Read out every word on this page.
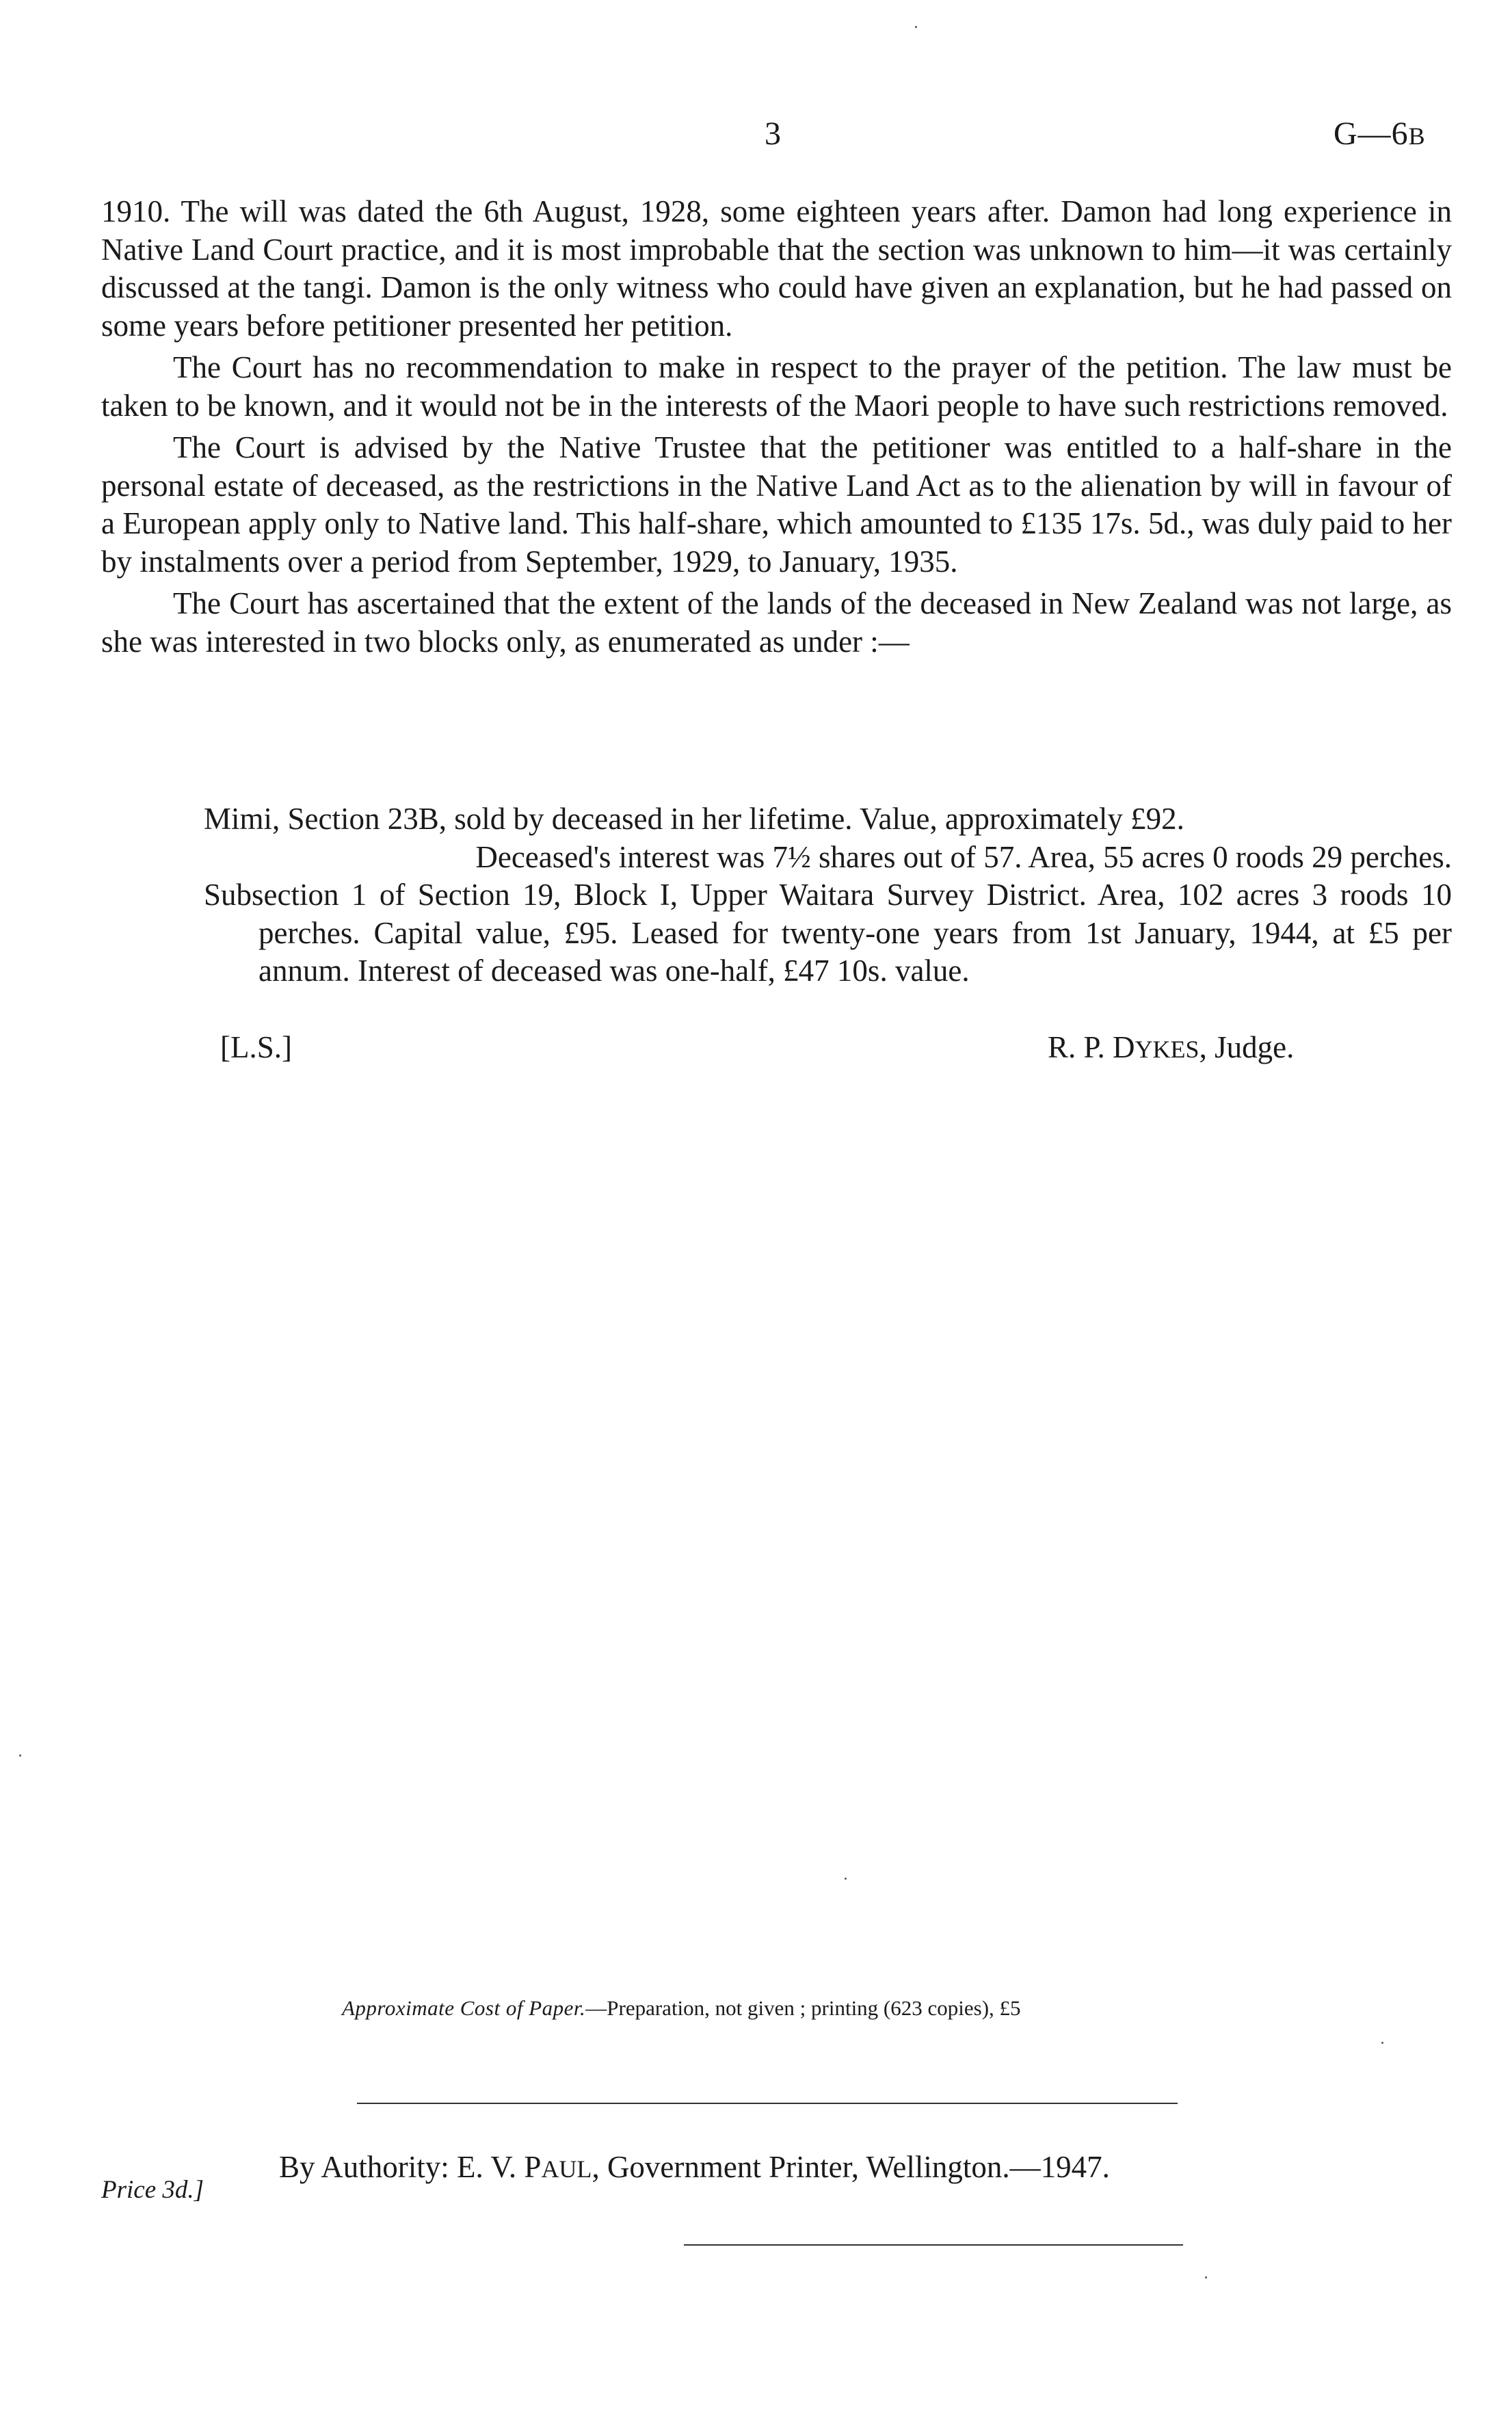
3	G—6B

1910. The will was dated the 6th August, 1928, some eighteen years after. Damon had long experience in Native Land Court practice, and it is most improbable that the section was unknown to him—it was certainly discussed at the tangi. Damon is the only witness who could have given an explanation, but he had passed on some years before petitioner presented her petition.

The Court has no recommendation to make in respect to the prayer of the petition. The law must be taken to be known, and it would not be in the interests of the Maori people to have such restrictions removed.

The Court is advised by the Native Trustee that the petitioner was entitled to a half-share in the personal estate of deceased, as the restrictions in the Native Land Act as to the alienation by will in favour of a European apply only to Native land. This half-share, which amounted to £135 17s. 5d., was duly paid to her by instalments over a period from September, 1929, to January, 1935.

The Court has ascertained that the extent of the lands of the deceased in New Zealand was not large, as she was interested in two blocks only, as enumerated as under :—

Mimi, Section 23B, sold by deceased in her lifetime. Value, approximately £92.

Deceased's interest was 7½ shares out of 57. Area, 55 acres 0 roods 29 perches.

Subsection 1 of Section 19, Block I, Upper Waitara Survey District. Area, 102 acres 3 roods 10 perches. Capital value, £95. Leased for twenty-one years from 1st January, 1944, at £5 per annum. Interest of deceased was one-half, £47 10s. value.

[L.S.]	R. P. DYKES, Judge.
Approximate Cost of Paper.—Preparation, not given ; printing (623 copies), £5
By Authority: E. V. PAUL, Government Printer, Wellington.—1947.
Price 3d.]
